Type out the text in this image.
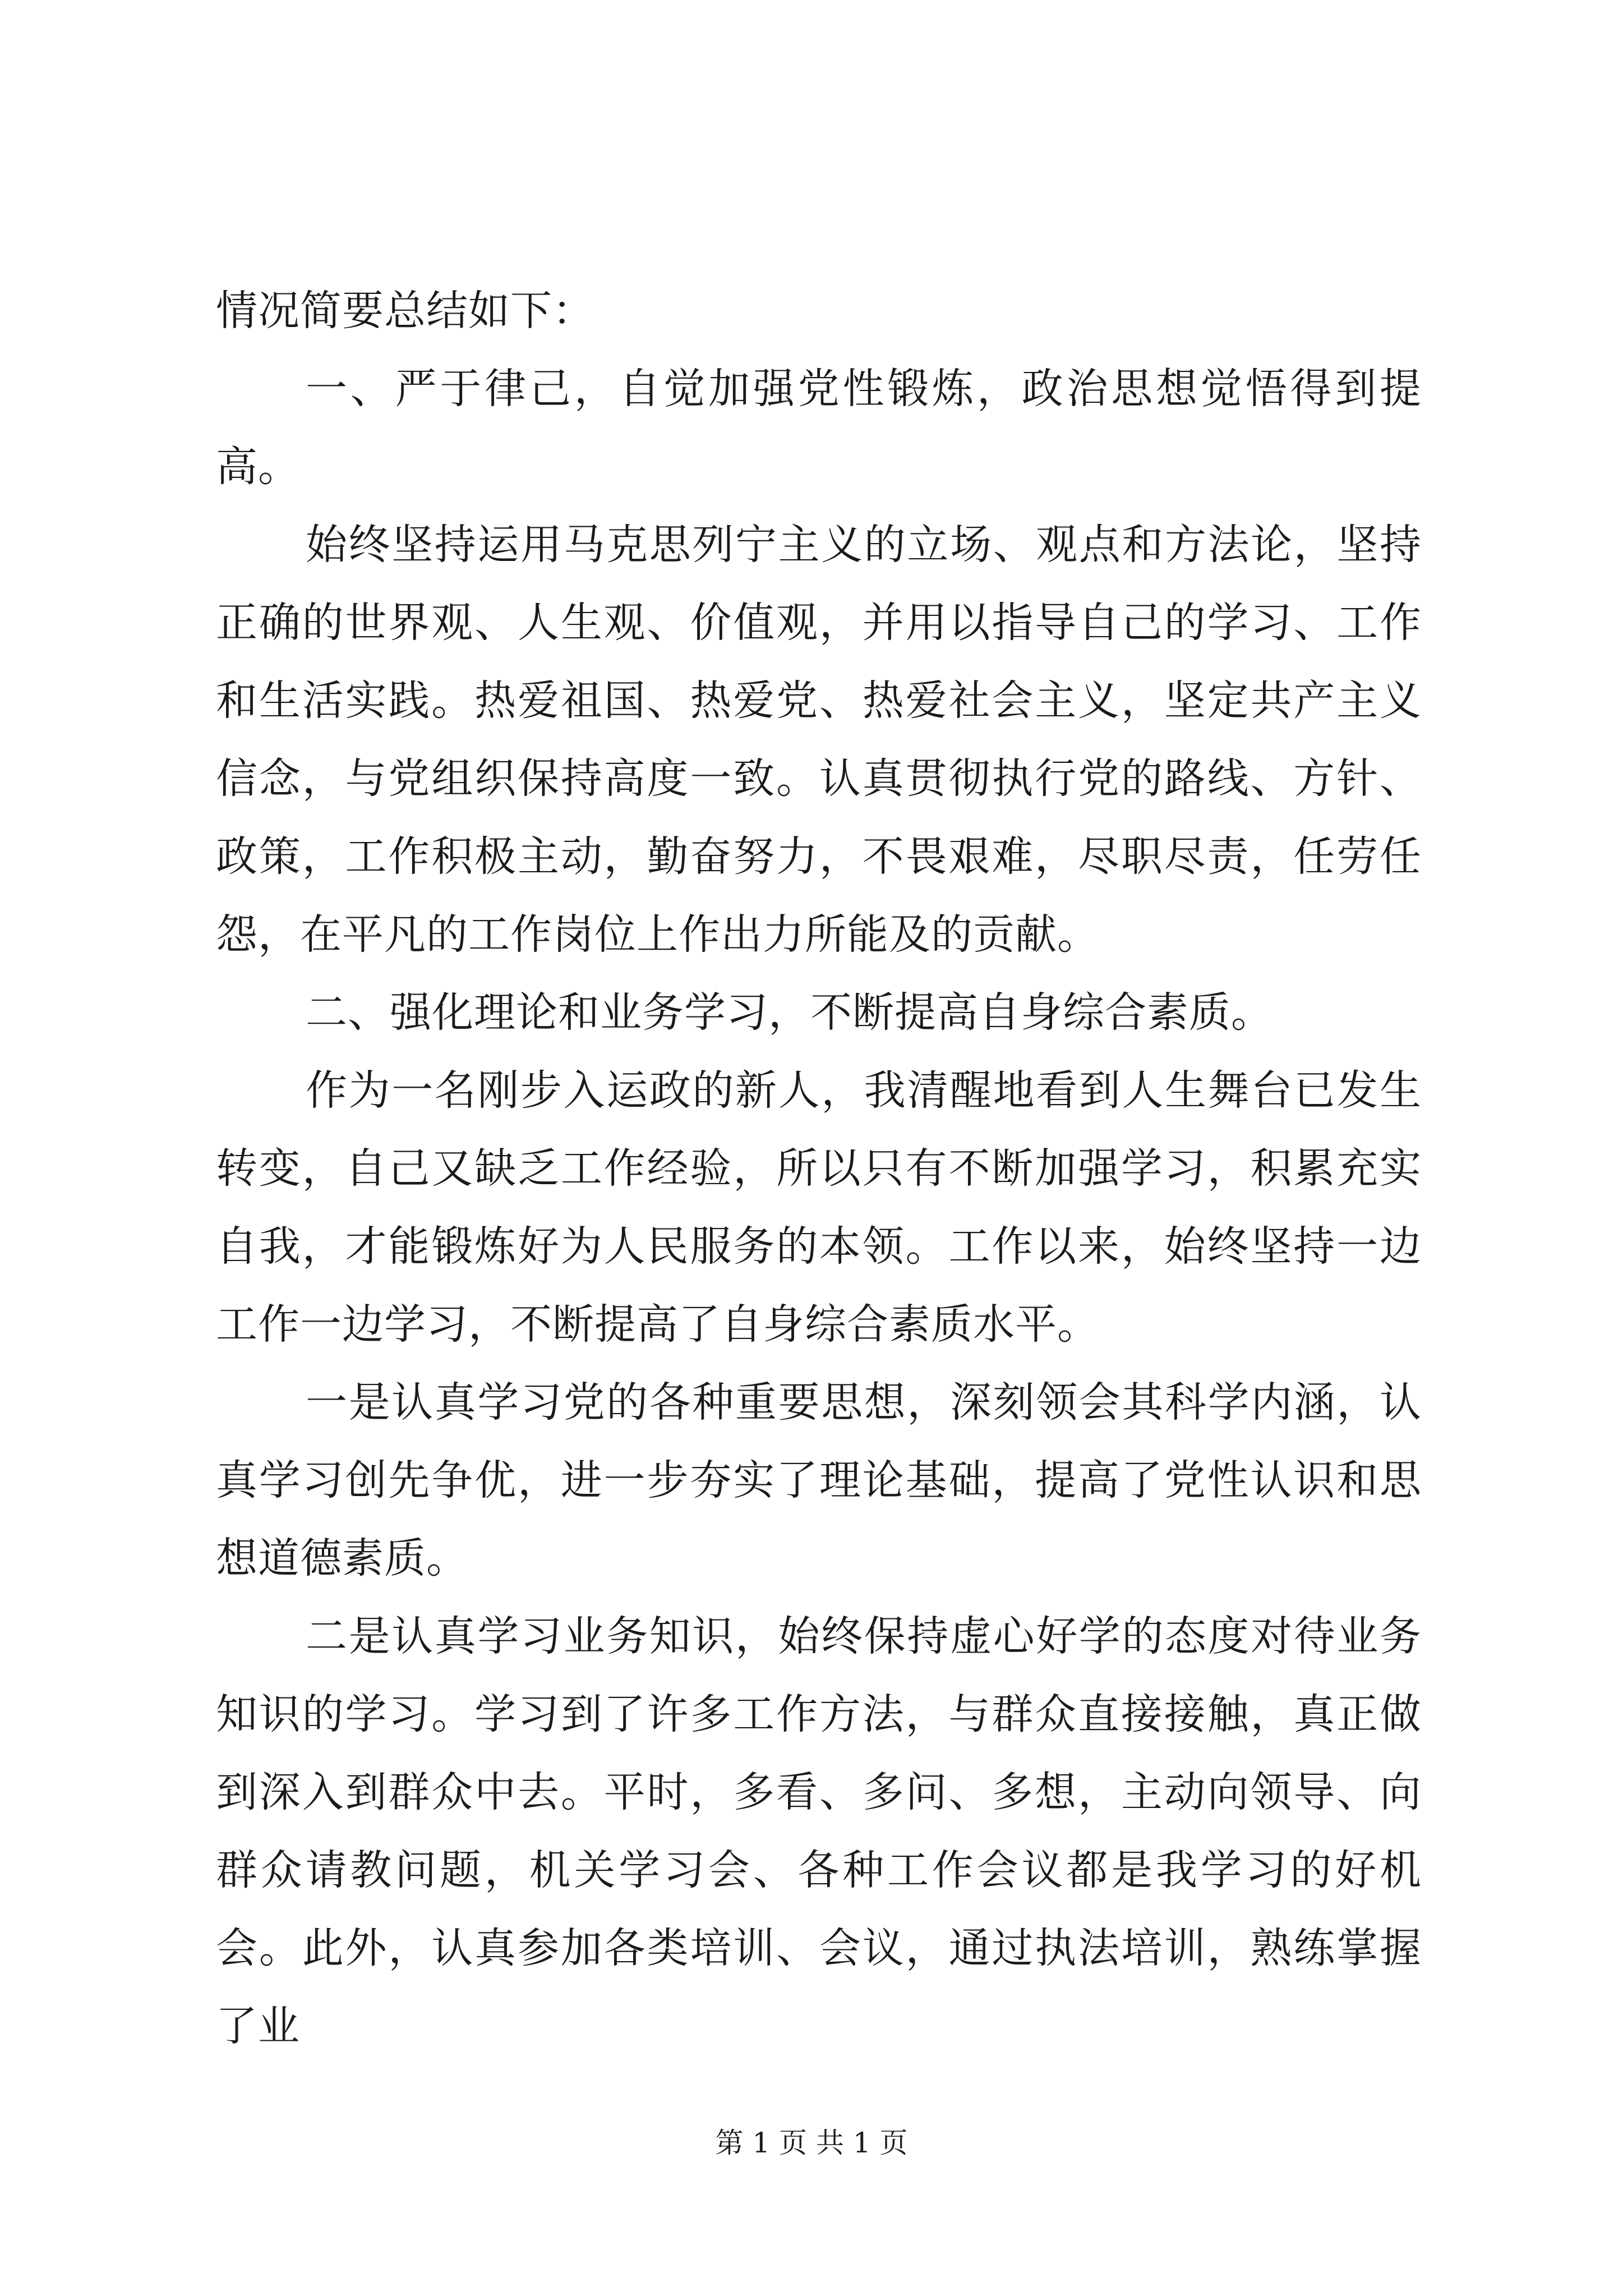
情况简要总结如下：

一、严于律己，自觉加强党性锻炼，政治思想觉悟得到提高。

始终坚持运用马克思列宁主义的立场、观点和方法论，坚持正确的世界观、人生观、价值观，并用以指导自己的学习、工作和生活实践。热爱祖国、热爱党、热爱社会主义，坚定共产主义信念，与党组织保持高度一致。认真贯彻执行党的路线、方针、政策，工作积极主动，勤奋努力，不畏艰难，尽职尽责，任劳任怨，在平凡的工作岗位上作出力所能及的贡献。

二、强化理论和业务学习，不断提高自身综合素质。

作为一名刚步入运政的新人，我清醒地看到人生舞台已发生转变，自己又缺乏工作经验，所以只有不断加强学习，积累充实自我，才能锻炼好为人民服务的本领。工作以来，始终坚持一边工作一边学习，不断提高了自身综合素质水平。

一是认真学习党的各种重要思想，深刻领会其科学内涵，认真学习创先争优，进一步夯实了理论基础，提高了党性认识和思想道德素质。

二是认真学习业务知识，始终保持虚心好学的态度对待业务知识的学习。学习到了许多工作方法，与群众直接接触，真正做到深入到群众中去。平时，多看、多问、多想，主动向领导、向群众请教问题，机关学习会、各种工作会议都是我学习的好机会。此外，认真参加各类培训、会议，通过执法培训，熟练掌握了业

第 1 页 共 1 页
